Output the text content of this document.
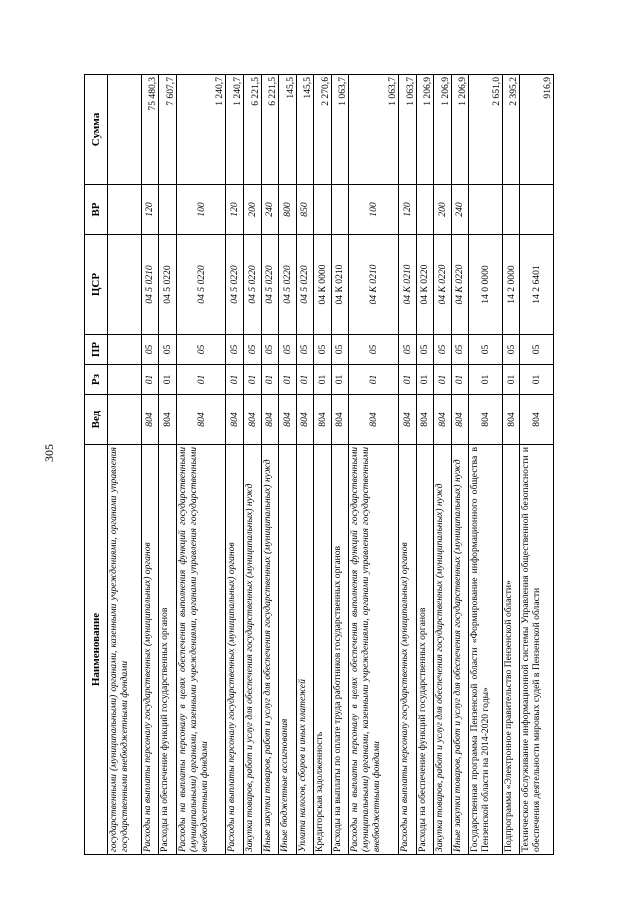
305
Наименование	Вед	Рз	ПР	ЦСР	ВР	Сумма
государственными (муниципальными) органами, казенными учреждениями, органами управления государственными внебюджетными фондами						
Расходы на выплаты персоналу государственных (муниципальных) органов	804	01	05	04 5 0210	120	75 480,3
Расходы на обеспечение функций государственных органов	804	01	05	04 5 0220		7 607,7
Расходы на выплаты персоналу в целях обеспечения выполнения функций государственными (муниципальными) органами, казенными учреждениями, органами управления государственными внебюджетными фондами	804	01	05	04 5 0220	100	1 240,7
Расходы на выплаты персоналу государственных (муниципальных) органов	804	01	05	04 5 0220	120	1 240,7
Закупка товаров, работ и услуг для обеспечения государственных (муниципальных) нужд	804	01	05	04 5 0220	200	6 221,5
Иные закупки товаров, работ и услуг для обеспечения государственных (муниципальных) нужд	804	01	05	04 5 0220	240	6 221,5
Иные бюджетные ассигнования	804	01	05	04 5 0220	800	145,5
Уплата налогов, сборов и иных платежей	804	01	05	04 5 0220	850	145,5
Кредиторская задолженность	804	01	05	04 К 0000		2 270,6
Расходы на выплаты по оплате труда работников государственных органов	804	01	05	04 К 0210		1 063,7
Расходы на выплаты персоналу в целях обеспечения выполнения функций государственными (муниципальными) органами, казенными учреждениями, органами управления государственными внебюджетными фондами	804	01	05	04 К 0210	100	1 063,7
Расходы на выплаты персоналу государственных (муниципальных) органов	804	01	05	04 К 0210	120	1 063,7
Расходы на обеспечение функций государственных органов	804	01	05	04 К 0220		1 206,9
Закупка товаров, работ и услуг для обеспечения государственных (муниципальных) нужд	804	01	05	04 К 0220	200	1 206,9
Иные закупки товаров, работ и услуг для обеспечения государственных (муниципальных) нужд	804	01	05	04 К 0220	240	1 206,9
Государственная программа Пензенской области «Формирование информационного общества в Пензенской области на 2014-2020 годы»	804	01	05	14 0 0000		2 651,0
Подпрограмма «Электронное правительство Пензенской области»	804	01	05	14 2 0000		2 395,2
Техническое обслуживание информационной системы Управления общественной безопасности и обеспечения деятельности мировых судей в Пензенской области	804	01	05	14 2 6401		916,9
